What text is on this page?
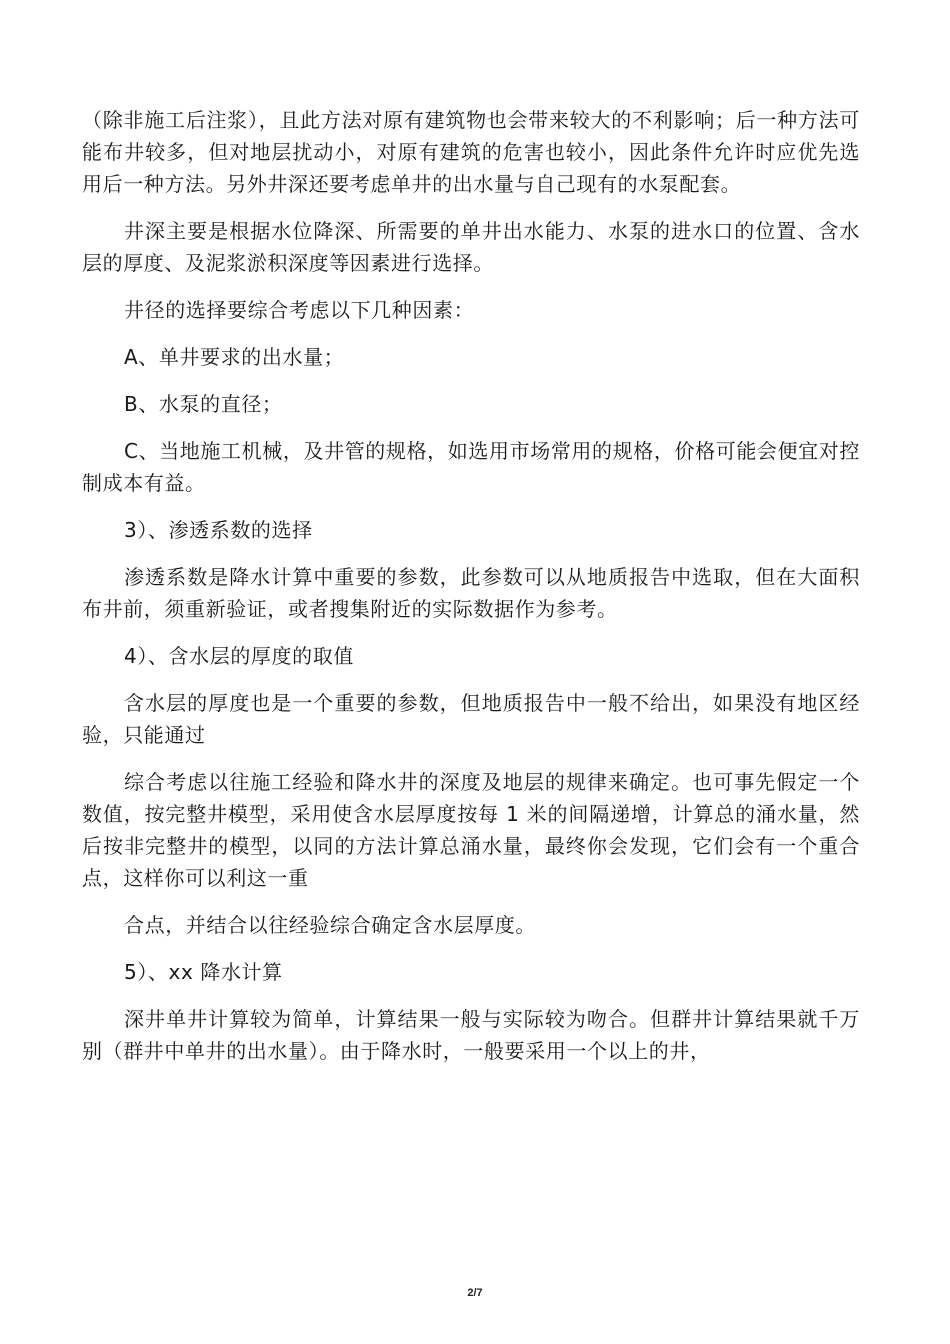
（除非施工后注浆），且此方法对原有建筑物也会带来较大的不利影响；后一种方法可能布井较多，但对地层扰动小，对原有建筑的危害也较小，因此条件允许时应优先选用后一种方法。另外井深还要考虑单井的出水量与自己现有的水泵配套。

井深主要是根据水位降深、所需要的单井出水能力、水泵的进水口的位置、含水层的厚度、及泥浆淤积深度等因素进行选择。

井径的选择要综合考虑以下几种因素：

A、单井要求的出水量；

B、水泵的直径；

C、当地施工机械，及井管的规格，如选用市场常用的规格，价格可能会便宜对控制成本有益。

3）、渗透系数的选择

渗透系数是降水计算中重要的参数，此参数可以从地质报告中选取，但在大面积布井前，须重新验证，或者搜集附近的实际数据作为参考。

4）、含水层的厚度的取值

含水层的厚度也是一个重要的参数，但地质报告中一般不给出，如果没有地区经验，只能通过

综合考虑以往施工经验和降水井的深度及地层的规律来确定。也可事先假定一个数值，按完整井模型，采用使含水层厚度按每 1 米的间隔递增，计算总的涌水量，然后按非完整井的模型，以同的方法计算总涌水量，最终你会发现，它们会有一个重合点，这样你可以利这一重

合点，并结合以往经验综合确定含水层厚度。

5）、xx 降水计算

深井单井计算较为简单，计算结果一般与实际较为吻合。但群井计算结果就千万别（群井中单井的出水量）。由于降水时，一般要采用一个以上的井，

2/7
